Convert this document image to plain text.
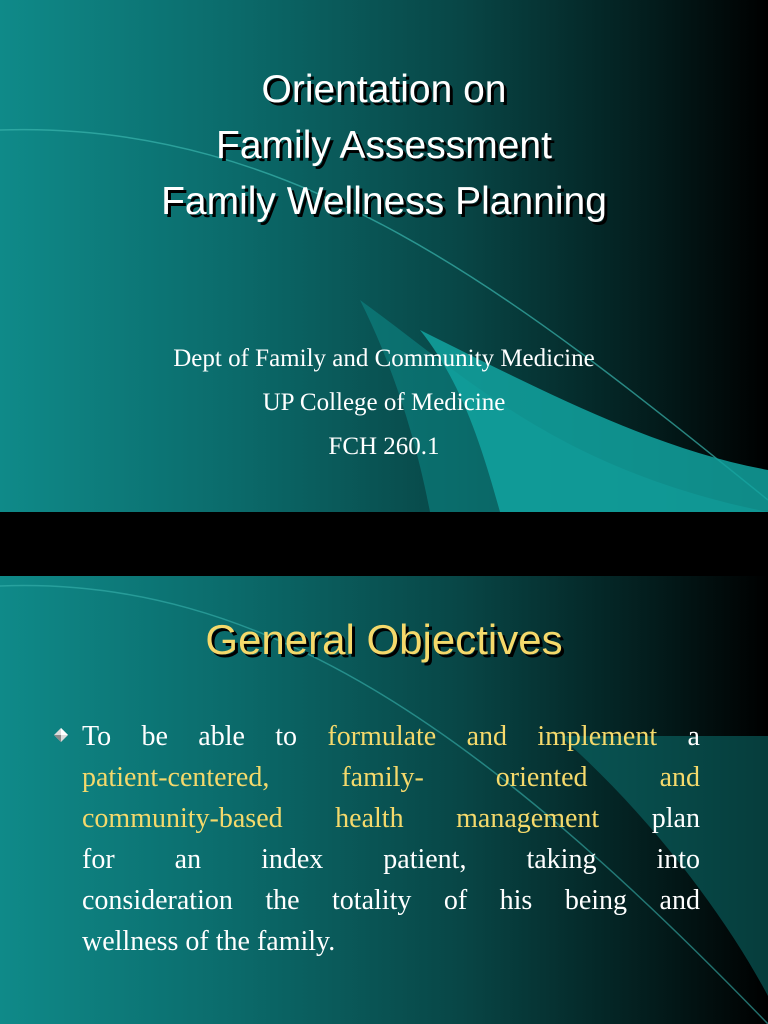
Orientation on
Family Assessment
Family Wellness Planning
Dept of Family and Community Medicine
UP College of Medicine
FCH 260.1
General Objectives
To be able to formulate and implement a
patient-centered,	family-	oriented	and
community-based health management plan
for an index patient, taking into
consideration the totality of his being and
wellness of the family.
